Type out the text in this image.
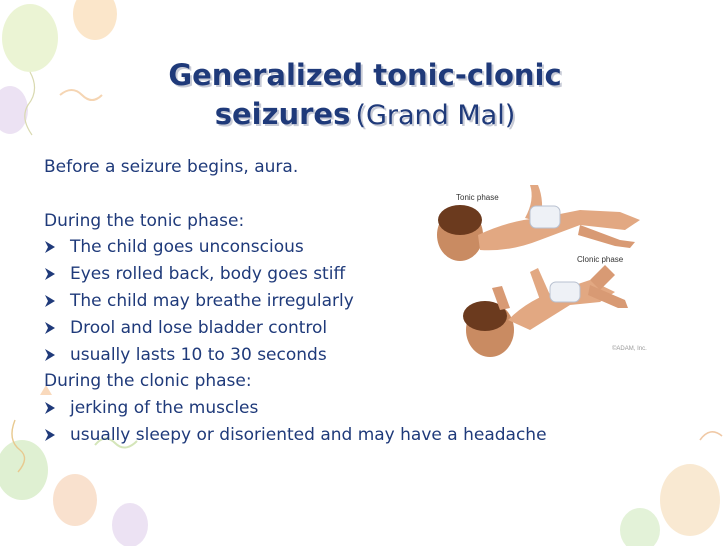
Generalized tonic-clonic
seizures (Grand Mal)
Before a seizure begins, aura.
During the tonic phase:
The child goes unconscious
Eyes rolled back, body goes stiff
The child may breathe irregularly
Drool and lose bladder control
usually lasts 10 to 30 seconds
During the clonic phase:
jerking of the muscles
usually sleepy or disoriented and may have a headache
Tonic phase
Clonic phase
©ADAM, Inc.
